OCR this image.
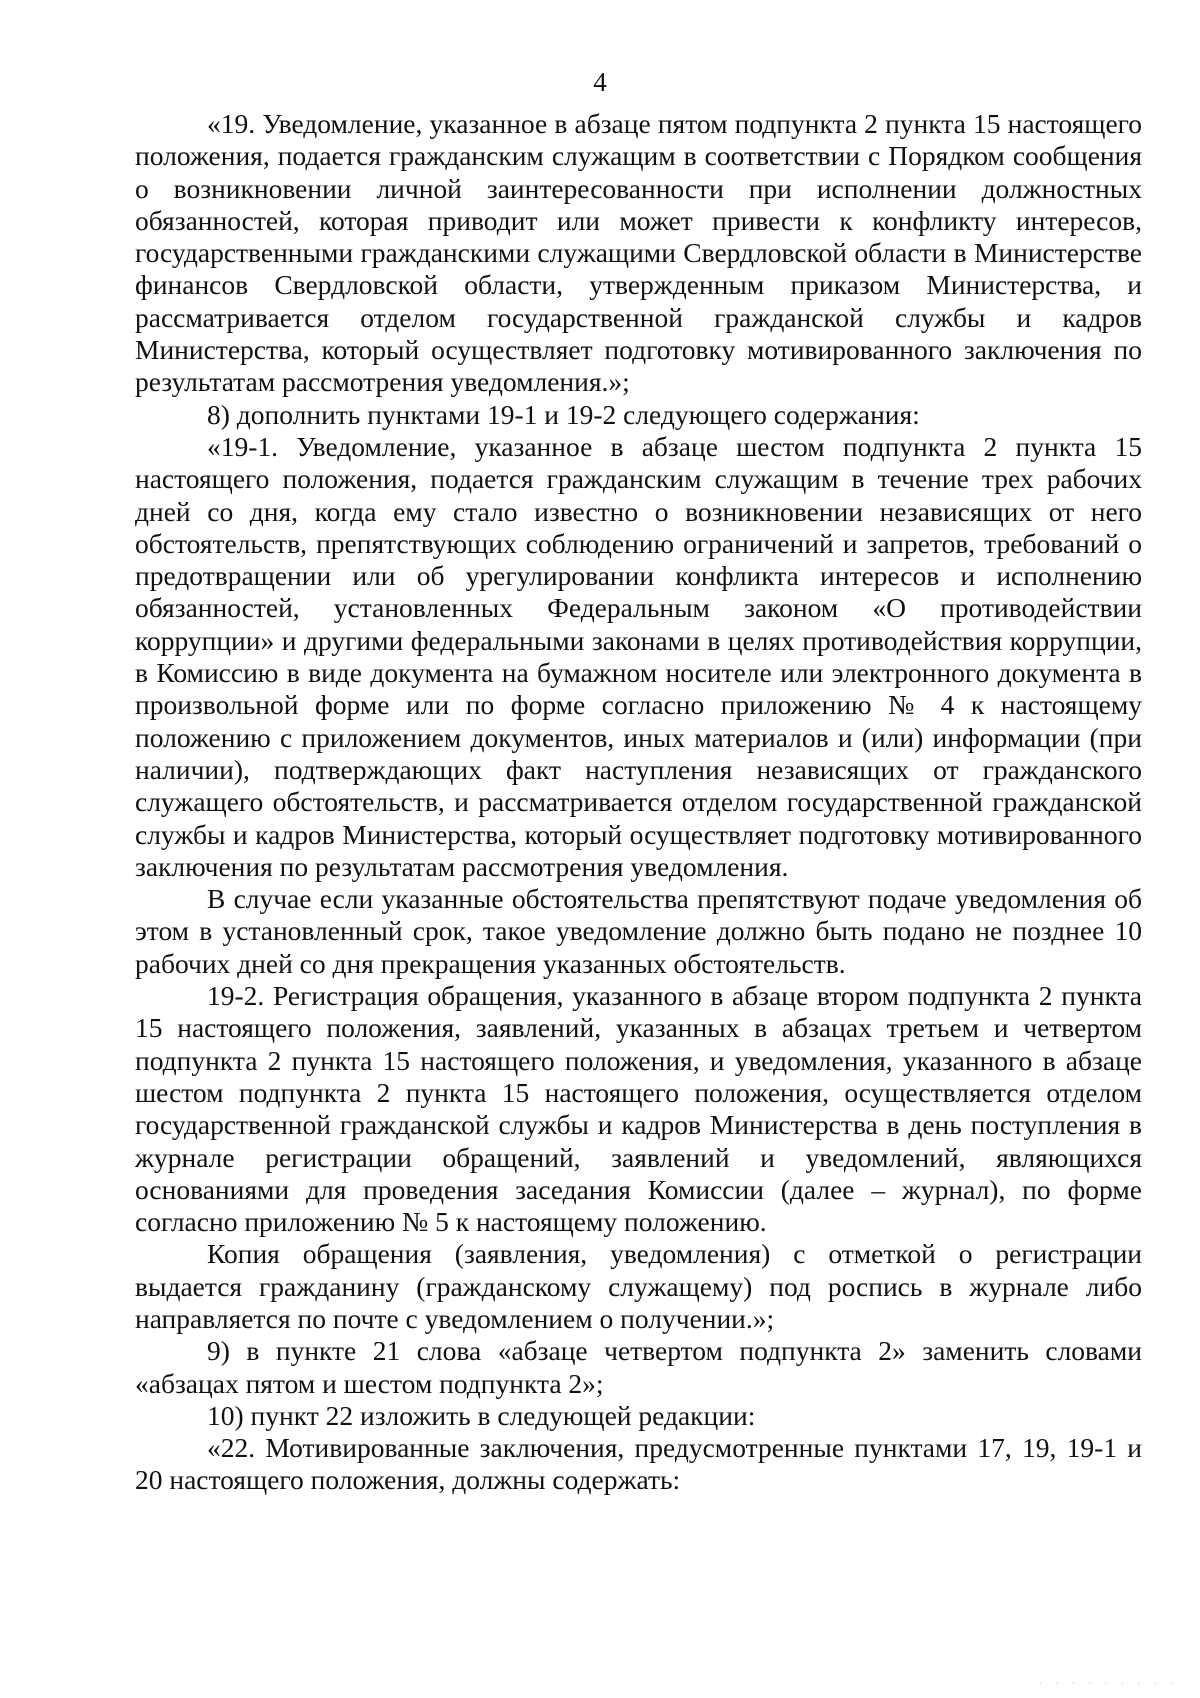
4

«19. Уведомление, указанное в абзаце пятом подпункта 2 пункта 15 настоящего положения, подается гражданским служащим в соответствии с Порядком сообщения о возникновении личной заинтересованности при исполнении должностных обязанностей, которая приводит или может привести к конфликту интересов, государственными гражданскими служащими Свердловской области в Министерстве финансов Свердловской области, утвержденным приказом Министерства, и рассматривается отделом государственной гражданской службы и кадров Министерства, который осуществляет подготовку мотивированного заключения по результатам рассмотрения уведомления.»;

8) дополнить пунктами 19-1 и 19-2 следующего содержания:

«19-1. Уведомление, указанное в абзаце шестом подпункта 2 пункта 15 настоящего положения, подается гражданским служащим в течение трех рабочих дней со дня, когда ему стало известно о возникновении независящих от него обстоятельств, препятствующих соблюдению ограничений и запретов, требований о предотвращении или об урегулировании конфликта интересов и исполнению обязанностей, установленных Федеральным законом «О противодействии коррупции» и другими федеральными законами в целях противодействия коррупции, в Комиссию в виде документа на бумажном носителе или электронного документа в произвольной форме или по форме согласно приложению № 4 к настоящему положению с приложением документов, иных материалов и (или) информации (при наличии), подтверждающих факт наступления независящих от гражданского служащего обстоятельств, и рассматривается отделом государственной гражданской службы и кадров Министерства, который осуществляет подготовку мотивированного заключения по результатам рассмотрения уведомления.

В случае если указанные обстоятельства препятствуют подаче уведомления об этом в установленный срок, такое уведомление должно быть подано не позднее 10 рабочих дней со дня прекращения указанных обстоятельств.

19-2. Регистрация обращения, указанного в абзаце втором подпункта 2 пункта 15 настоящего положения, заявлений, указанных в абзацах третьем и четвертом подпункта 2 пункта 15 настоящего положения, и уведомления, указанного в абзаце шестом подпункта 2 пункта 15 настоящего положения, осуществляется отделом государственной гражданской службы и кадров Министерства в день поступления в журнале регистрации обращений, заявлений и уведомлений, являющихся основаниями для проведения заседания Комиссии (далее – журнал), по форме согласно приложению № 5 к настоящему положению.

Копия обращения (заявления, уведомления) с отметкой о регистрации выдается гражданину (гражданскому служащему) под роспись в журнале либо направляется по почте с уведомлением о получении.»;

9) в пункте 21 слова «абзаце четвертом подпункта 2» заменить словами «абзацах пятом и шестом подпункта 2»;

10) пункт 22 изложить в следующей редакции:

«22. Мотивированные заключения, предусмотренные пунктами 17, 19, 19-1 и 20 настоящего положения, должны содержать:

· · · · · · · · ·
